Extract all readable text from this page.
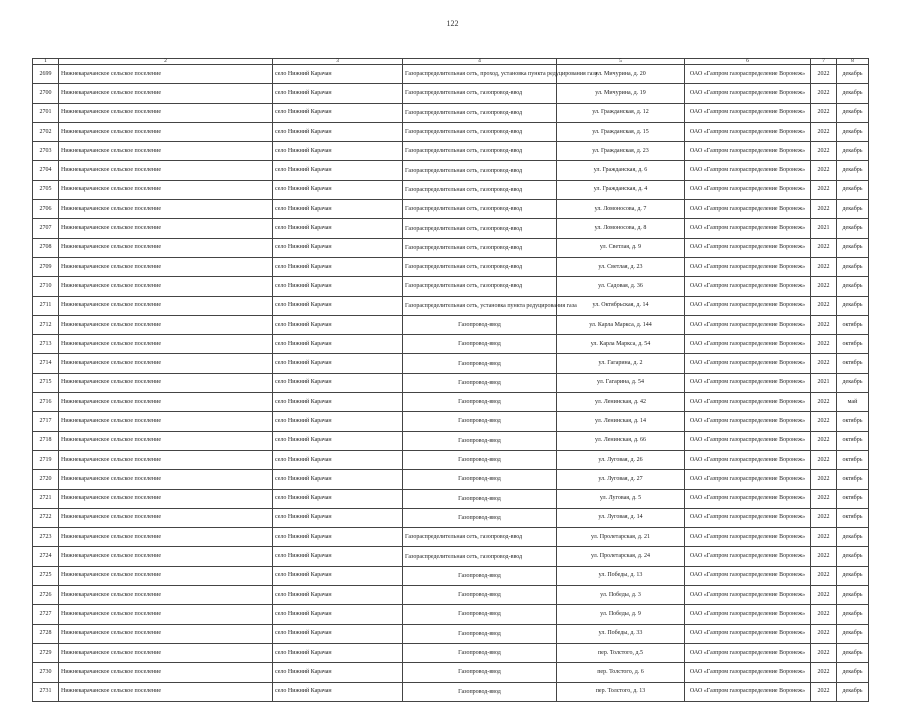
122
1	2	3	4	5	6	7	8
2699	Нижнекарачанское сельское поселение	село Нижний Карачан	Газораспределительная сеть, проход, установка пункта редуцирования газа	ул. Мичурина, д. 20	ОАО «Газпром газораспределение Воронеж»	2022	декабрь
2700	Нижнекарачанское сельское поселение	село Нижний Карачан	Газораспределительная сеть, газопровод-ввод	ул. Мичурина, д. 19	ОАО «Газпром газораспределение Воронеж»	2022	декабрь
2701	Нижнекарачанское сельское поселение	село Нижний Карачан	Газораспределительная сеть, газопровод-ввод	ул. Гражданская, д. 12	ОАО «Газпром газораспределение Воронеж»	2022	декабрь
2702	Нижнекарачанское сельское поселение	село Нижний Карачан	Газораспределительная сеть, газопровод-ввод	ул. Гражданская, д. 15	ОАО «Газпром газораспределение Воронеж»	2022	декабрь
2703	Нижнекарачанское сельское поселение	село Нижний Карачан	Газораспределительная сеть, газопровод-ввод	ул. Гражданская, д. 23	ОАО «Газпром газораспределение Воронеж»	2022	декабрь
2704	Нижнекарачанское сельское поселение	село Нижний Карачан	Газораспределительная сеть, газопровод-ввод	ул. Гражданская, д. 6	ОАО «Газпром газораспределение Воронеж»	2022	декабрь
2705	Нижнекарачанское сельское поселение	село Нижний Карачан	Газораспределительная сеть, газопровод-ввод	ул. Гражданская, д. 4	ОАО «Газпром газораспределение Воронеж»	2022	декабрь
2706	Нижнекарачанское сельское поселение	село Нижний Карачан	Газораспределительная сеть, газопровод-ввод	ул. Ломоносова, д. 7	ОАО «Газпром газораспределение Воронеж»	2022	декабрь
2707	Нижнекарачанское сельское поселение	село Нижний Карачан	Газораспределительная сеть, газопровод-ввод	ул. Ломоносова, д. 8	ОАО «Газпром газораспределение Воронеж»	2021	декабрь
2708	Нижнекарачанское сельское поселение	село Нижний Карачан	Газораспределительная сеть, газопровод-ввод	ул. Светлая, д. 9	ОАО «Газпром газораспределение Воронеж»	2022	декабрь
2709	Нижнекарачанское сельское поселение	село Нижний Карачан	Газораспределительная сеть, газопровод-ввод	ул. Светлая, д. 23	ОАО «Газпром газораспределение Воронеж»	2022	декабрь
2710	Нижнекарачанское сельское поселение	село Нижний Карачан	Газораспределительная сеть, газопровод-ввод	ул. Садовая, д. 36	ОАО «Газпром газораспределение Воронеж»	2022	декабрь
2711	Нижнекарачанское сельское поселение	село Нижний Карачан	Газораспределительная сеть, установка пункта редуцирования газа	ул. Октябрьская, д. 14	ОАО «Газпром газораспределение Воронеж»	2022	декабрь
2712	Нижнекарачанское сельское поселение	село Нижний Карачан	Газопровод-ввод	ул. Карла Маркса, д. 144	ОАО «Газпром газораспределение Воронеж»	2022	октябрь
2713	Нижнекарачанское сельское поселение	село Нижний Карачан	Газопровод-ввод	ул. Карла Маркса, д. 54	ОАО «Газпром газораспределение Воронеж»	2022	октябрь
2714	Нижнекарачанское сельское поселение	село Нижний Карачан	Газопровод-ввод	ул. Гагарина, д. 2	ОАО «Газпром газораспределение Воронеж»	2022	октябрь
2715	Нижнекарачанское сельское поселение	село Нижний Карачан	Газопровод-ввод	ул. Гагарина, д. 54	ОАО «Газпром газораспределение Воронеж»	2021	декабрь
2716	Нижнекарачанское сельское поселение	село Нижний Карачан	Газопровод-ввод	ул. Ленинская, д. 42	ОАО «Газпром газораспределение Воронеж»	2022	май
2717	Нижнекарачанское сельское поселение	село Нижний Карачан	Газопровод-ввод	ул. Ленинская, д. 14	ОАО «Газпром газораспределение Воронеж»	2022	октябрь
2718	Нижнекарачанское сельское поселение	село Нижний Карачан	Газопровод-ввод	ул. Ленинская, д. 66	ОАО «Газпром газораспределение Воронеж»	2022	октябрь
2719	Нижнекарачанское сельское поселение	село Нижний Карачан	Газопровод-ввод	ул. Луговая, д. 26	ОАО «Газпром газораспределение Воронеж»	2022	октябрь
2720	Нижнекарачанское сельское поселение	село Нижний Карачан	Газопровод-ввод	ул. Луговая, д. 27	ОАО «Газпром газораспределение Воронеж»	2022	октябрь
2721	Нижнекарачанское сельское поселение	село Нижний Карачан	Газопровод-ввод	ул. Луговая, д. 5	ОАО «Газпром газораспределение Воронеж»	2022	октябрь
2722	Нижнекарачанское сельское поселение	село Нижний Карачан	Газопровод-ввод	ул. Луговая, д. 14	ОАО «Газпром газораспределение Воронеж»	2022	октябрь
2723	Нижнекарачанское сельское поселение	село Нижний Карачан	Газораспределительная сеть, газопровод-ввод	ул. Пролетарская, д. 21	ОАО «Газпром газораспределение Воронеж»	2022	декабрь
2724	Нижнекарачанское сельское поселение	село Нижний Карачан	Газораспределительная сеть, газопровод-ввод	ул. Пролетарская, д. 24	ОАО «Газпром газораспределение Воронеж»	2022	декабрь
2725	Нижнекарачанское сельское поселение	село Нижний Карачан	Газопровод-ввод	ул. Победы, д. 13	ОАО «Газпром газораспределение Воронеж»	2022	декабрь
2726	Нижнекарачанское сельское поселение	село Нижний Карачан	Газопровод-ввод	ул. Победы, д. 3	ОАО «Газпром газораспределение Воронеж»	2022	декабрь
2727	Нижнекарачанское сельское поселение	село Нижний Карачан	Газопровод-ввод	ул. Победы, д. 9	ОАО «Газпром газораспределение Воронеж»	2022	декабрь
2728	Нижнекарачанское сельское поселение	село Нижний Карачан	Газопровод-ввод	ул. Победы, д. 33	ОАО «Газпром газораспределение Воронеж»	2022	декабрь
2729	Нижнекарачанское сельское поселение	село Нижний Карачан	Газопровод-ввод	пер. Толстого, д.5	ОАО «Газпром газораспределение Воронеж»	2022	декабрь
2730	Нижнекарачанское сельское поселение	село Нижний Карачан	Газопровод-ввод	пер. Толстого, д. 6	ОАО «Газпром газораспределение Воронеж»	2022	декабрь
2731	Нижнекарачанское сельское поселение	село Нижний Карачан	Газопровод-ввод	пер. Толстого, д. 13	ОАО «Газпром газораспределение Воронеж»	2022	декабрь
